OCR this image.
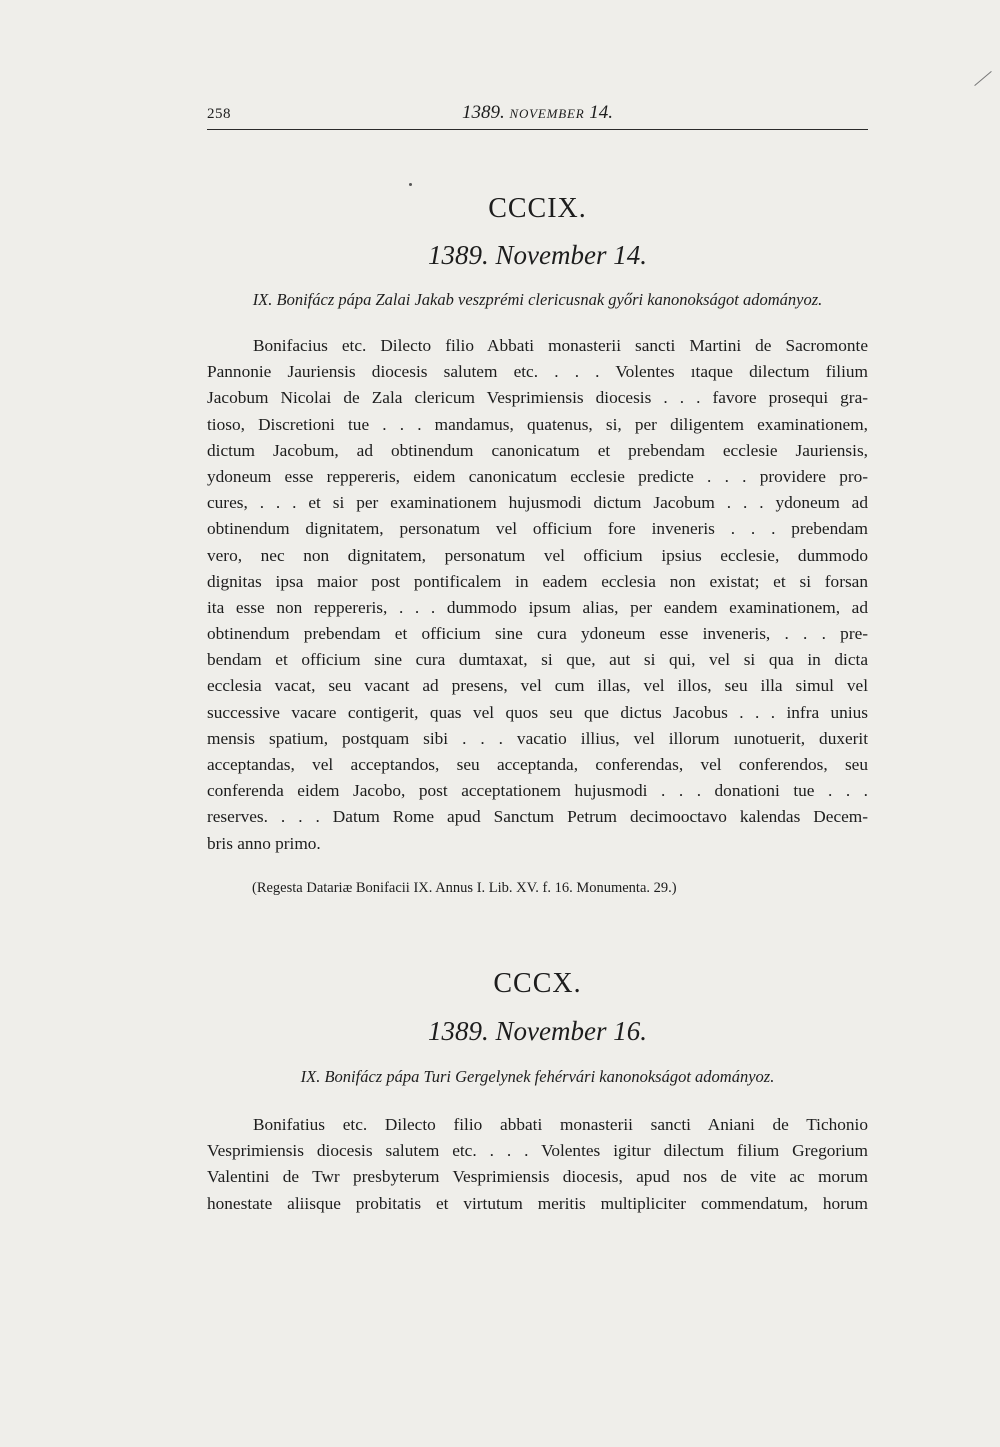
258	1389. NOVEMBER 14.
CCCIX.
1389. November 14.
IX. Bonifácz pápa Zalai Jakab veszprémi clericusnak győri kanonokságot adományoz.
Bonifacius etc. Dilecto filio Abbati monasterii sancti Martini de Sacromonte
Pannonie Jauriensis diocesis salutem etc. . . . Volentes ıtaque dilectum filium
Jacobum Nicolai de Zala clericum Vesprimiensis diocesis . . . favore prosequi gra-
tioso, Discretioni tue . . . mandamus, quatenus, si, per diligentem examinationem,
dictum Jacobum, ad obtinendum canonicatum et prebendam ecclesie Jauriensis,
ydoneum esse reppereris, eidem canonicatum ecclesie predicte . . . providere pro-
cures, . . . et si per examinationem hujusmodi dictum Jacobum . . . ydoneum ad
obtinendum dignitatem, personatum vel officium fore inveneris . . . prebendam
vero, nec non dignitatem, personatum vel officium ipsius ecclesie, dummodo
dignitas ipsa maior post pontificalem in eadem ecclesia non existat; et si forsan
ita esse non reppereris, . . . dummodo ipsum alias, per eandem examinationem, ad
obtinendum prebendam et officium sine cura ydoneum esse inveneris, . . . pre-
bendam et officium sine cura dumtaxat, si que, aut si qui, vel si qua in dicta
ecclesia vacat, seu vacant ad presens, vel cum illas, vel illos, seu illa simul vel
successive vacare contigerit, quas vel quos seu que dictus Jacobus . . . infra unius
mensis spatium, postquam sibi . . . vacatio illius, vel illorum ıunotuerit, duxerit
acceptandas, vel acceptandos, seu acceptanda, conferendas, vel conferendos, seu
conferenda eidem Jacobo, post acceptationem hujusmodi . . . donationi tue . . .
reserves. . . . Datum Rome apud Sanctum Petrum decimooctavo kalendas Decem-
bris anno primo.
(Regesta Datariæ Bonifacii IX. Annus I. Lib. XV. f. 16. Monumenta. 29.)
CCCX.
1389. November 16.
IX. Bonifácz pápa Turi Gergelynek fehérvári kanonokságot adományoz.
Bonifatius etc. Dilecto filio abbati monasterii sancti Aniani de Tichonio
Vesprimiensis diocesis salutem etc. . . . Volentes igitur dilectum filium Gregorium
Valentini de Twr presbyterum Vesprimiensis diocesis, apud nos de vite ac morum
honestate aliisque probitatis et virtutum meritis multipliciter commendatum, horum
